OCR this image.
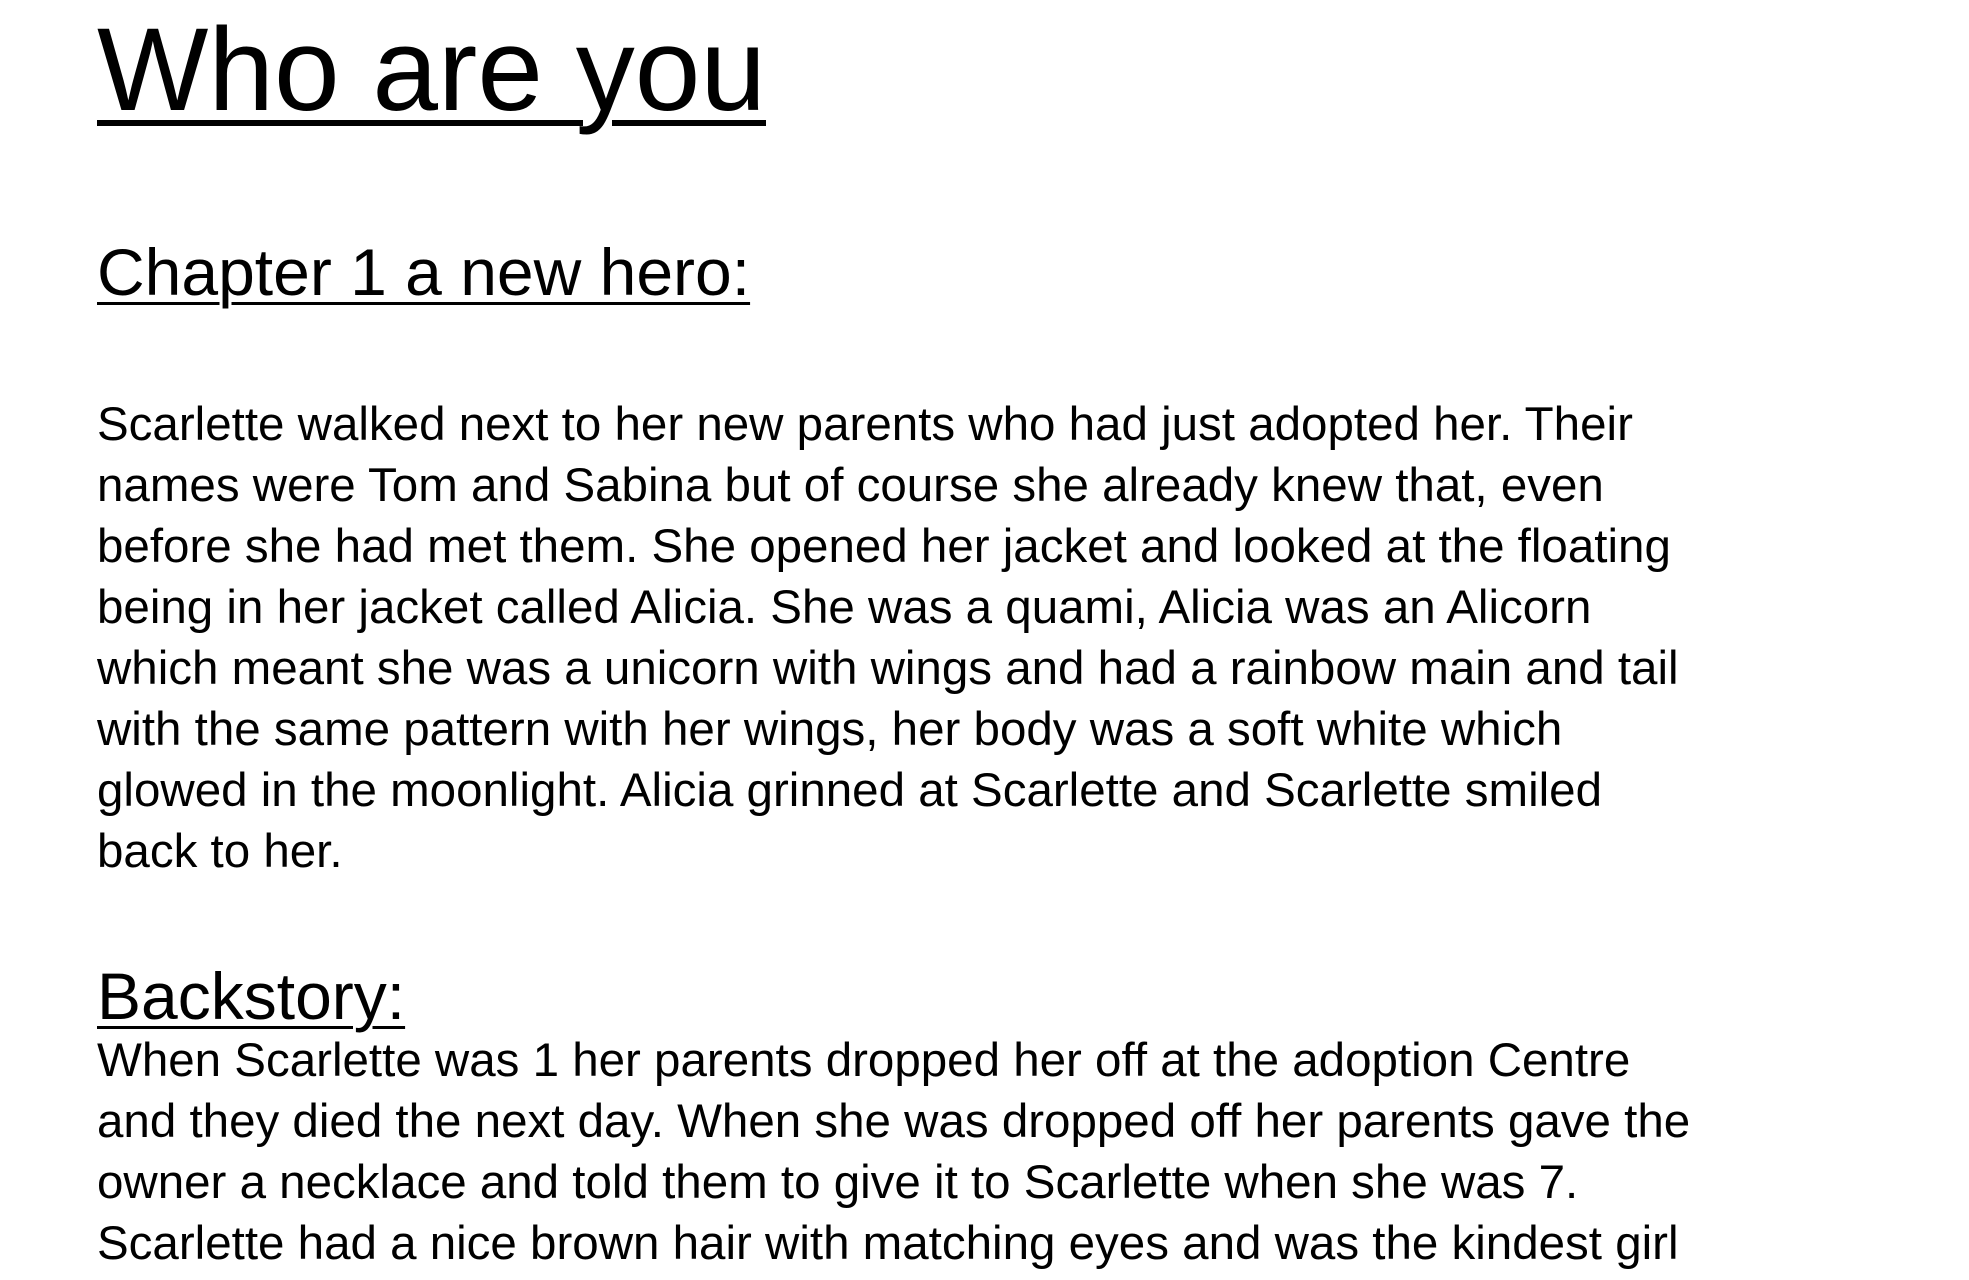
Who are you
Chapter 1 a new hero:

Scarlette walked next to her new parents who had just adopted her. Their
names were Tom and Sabina but of course she already knew that, even
before she had met them. She opened her jacket and looked at the floating
being in her jacket called Alicia. She was a quami, Alicia was an Alicorn
which meant she was a unicorn with wings and had a rainbow main and tail
with the same pattern with her wings, her body was a soft white which
glowed in the moonlight. Alicia grinned at Scarlette and Scarlette smiled
back to her.

Backstory:

When Scarlette was 1 her parents dropped her off at the adoption Centre
and they died the next day. When she was dropped off her parents gave the
owner a necklace and told them to give it to Scarlette when she was 7.
Scarlette had a nice brown hair with matching eyes and was the kindest girl
